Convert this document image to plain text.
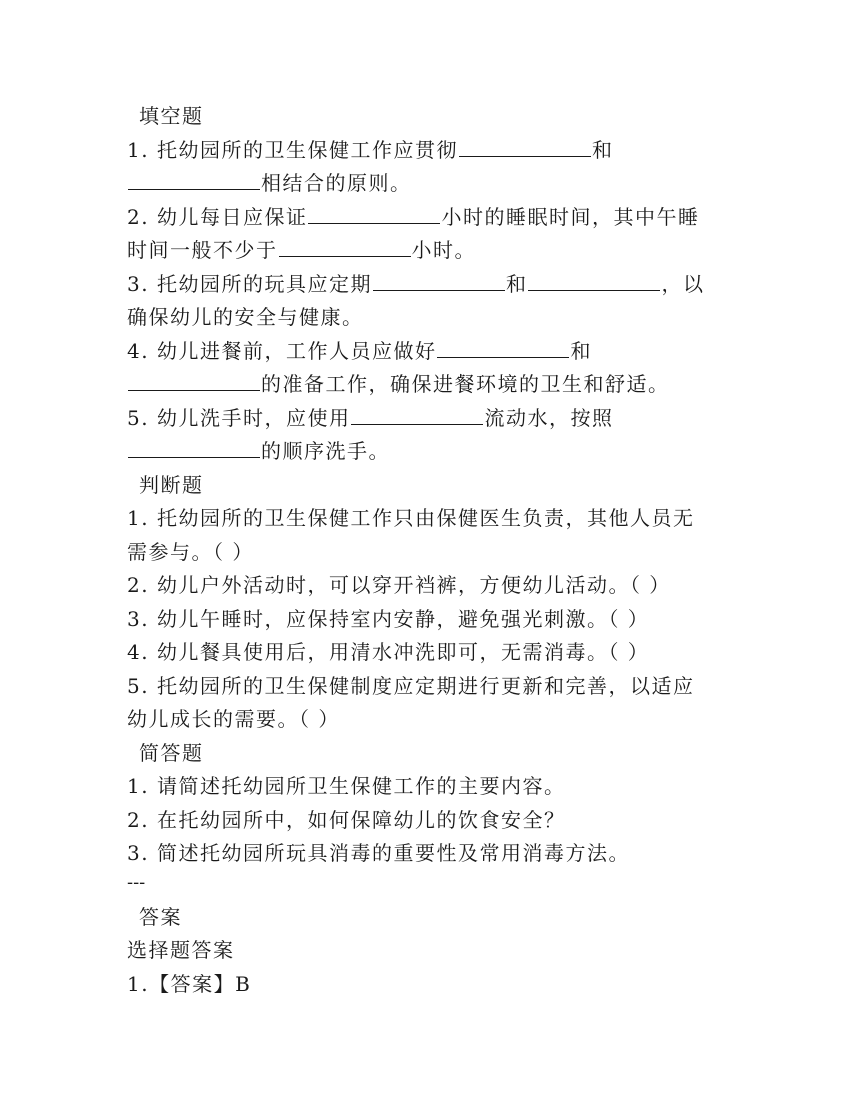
填空题
1. 托幼园所的卫生保健工作应贯彻	和
相结合的原则。
2. 幼儿每日应保证	小时的睡眠时间，其中午睡
时间一般不少于	小时。
3. 托幼园所的玩具应定期	和	，以
确保幼儿的安全与健康。
4. 幼儿进餐前，工作人员应做好	和
的准备工作，确保进餐环境的卫生和舒适。
5. 幼儿洗手时，应使用	流动水，按照
的顺序洗手。
判断题
1. 托幼园所的卫生保健工作只由保健医生负责，其他人员无
需参与。（ ）
2. 幼儿户外活动时，可以穿开裆裤，方便幼儿活动。（ ）
3. 幼儿午睡时，应保持室内安静，避免强光刺激。（ ）
4. 幼儿餐具使用后，用清水冲洗即可，无需消毒。（ ）
5. 托幼园所的卫生保健制度应定期进行更新和完善，以适应
幼儿成长的需要。（ ）
简答题
1. 请简述托幼园所卫生保健工作的主要内容。
2. 在托幼园所中，如何保障幼儿的饮食安全？
3. 简述托幼园所玩具消毒的重要性及常用消毒方法。
---
答案
选择题答案
1.【答案】B
